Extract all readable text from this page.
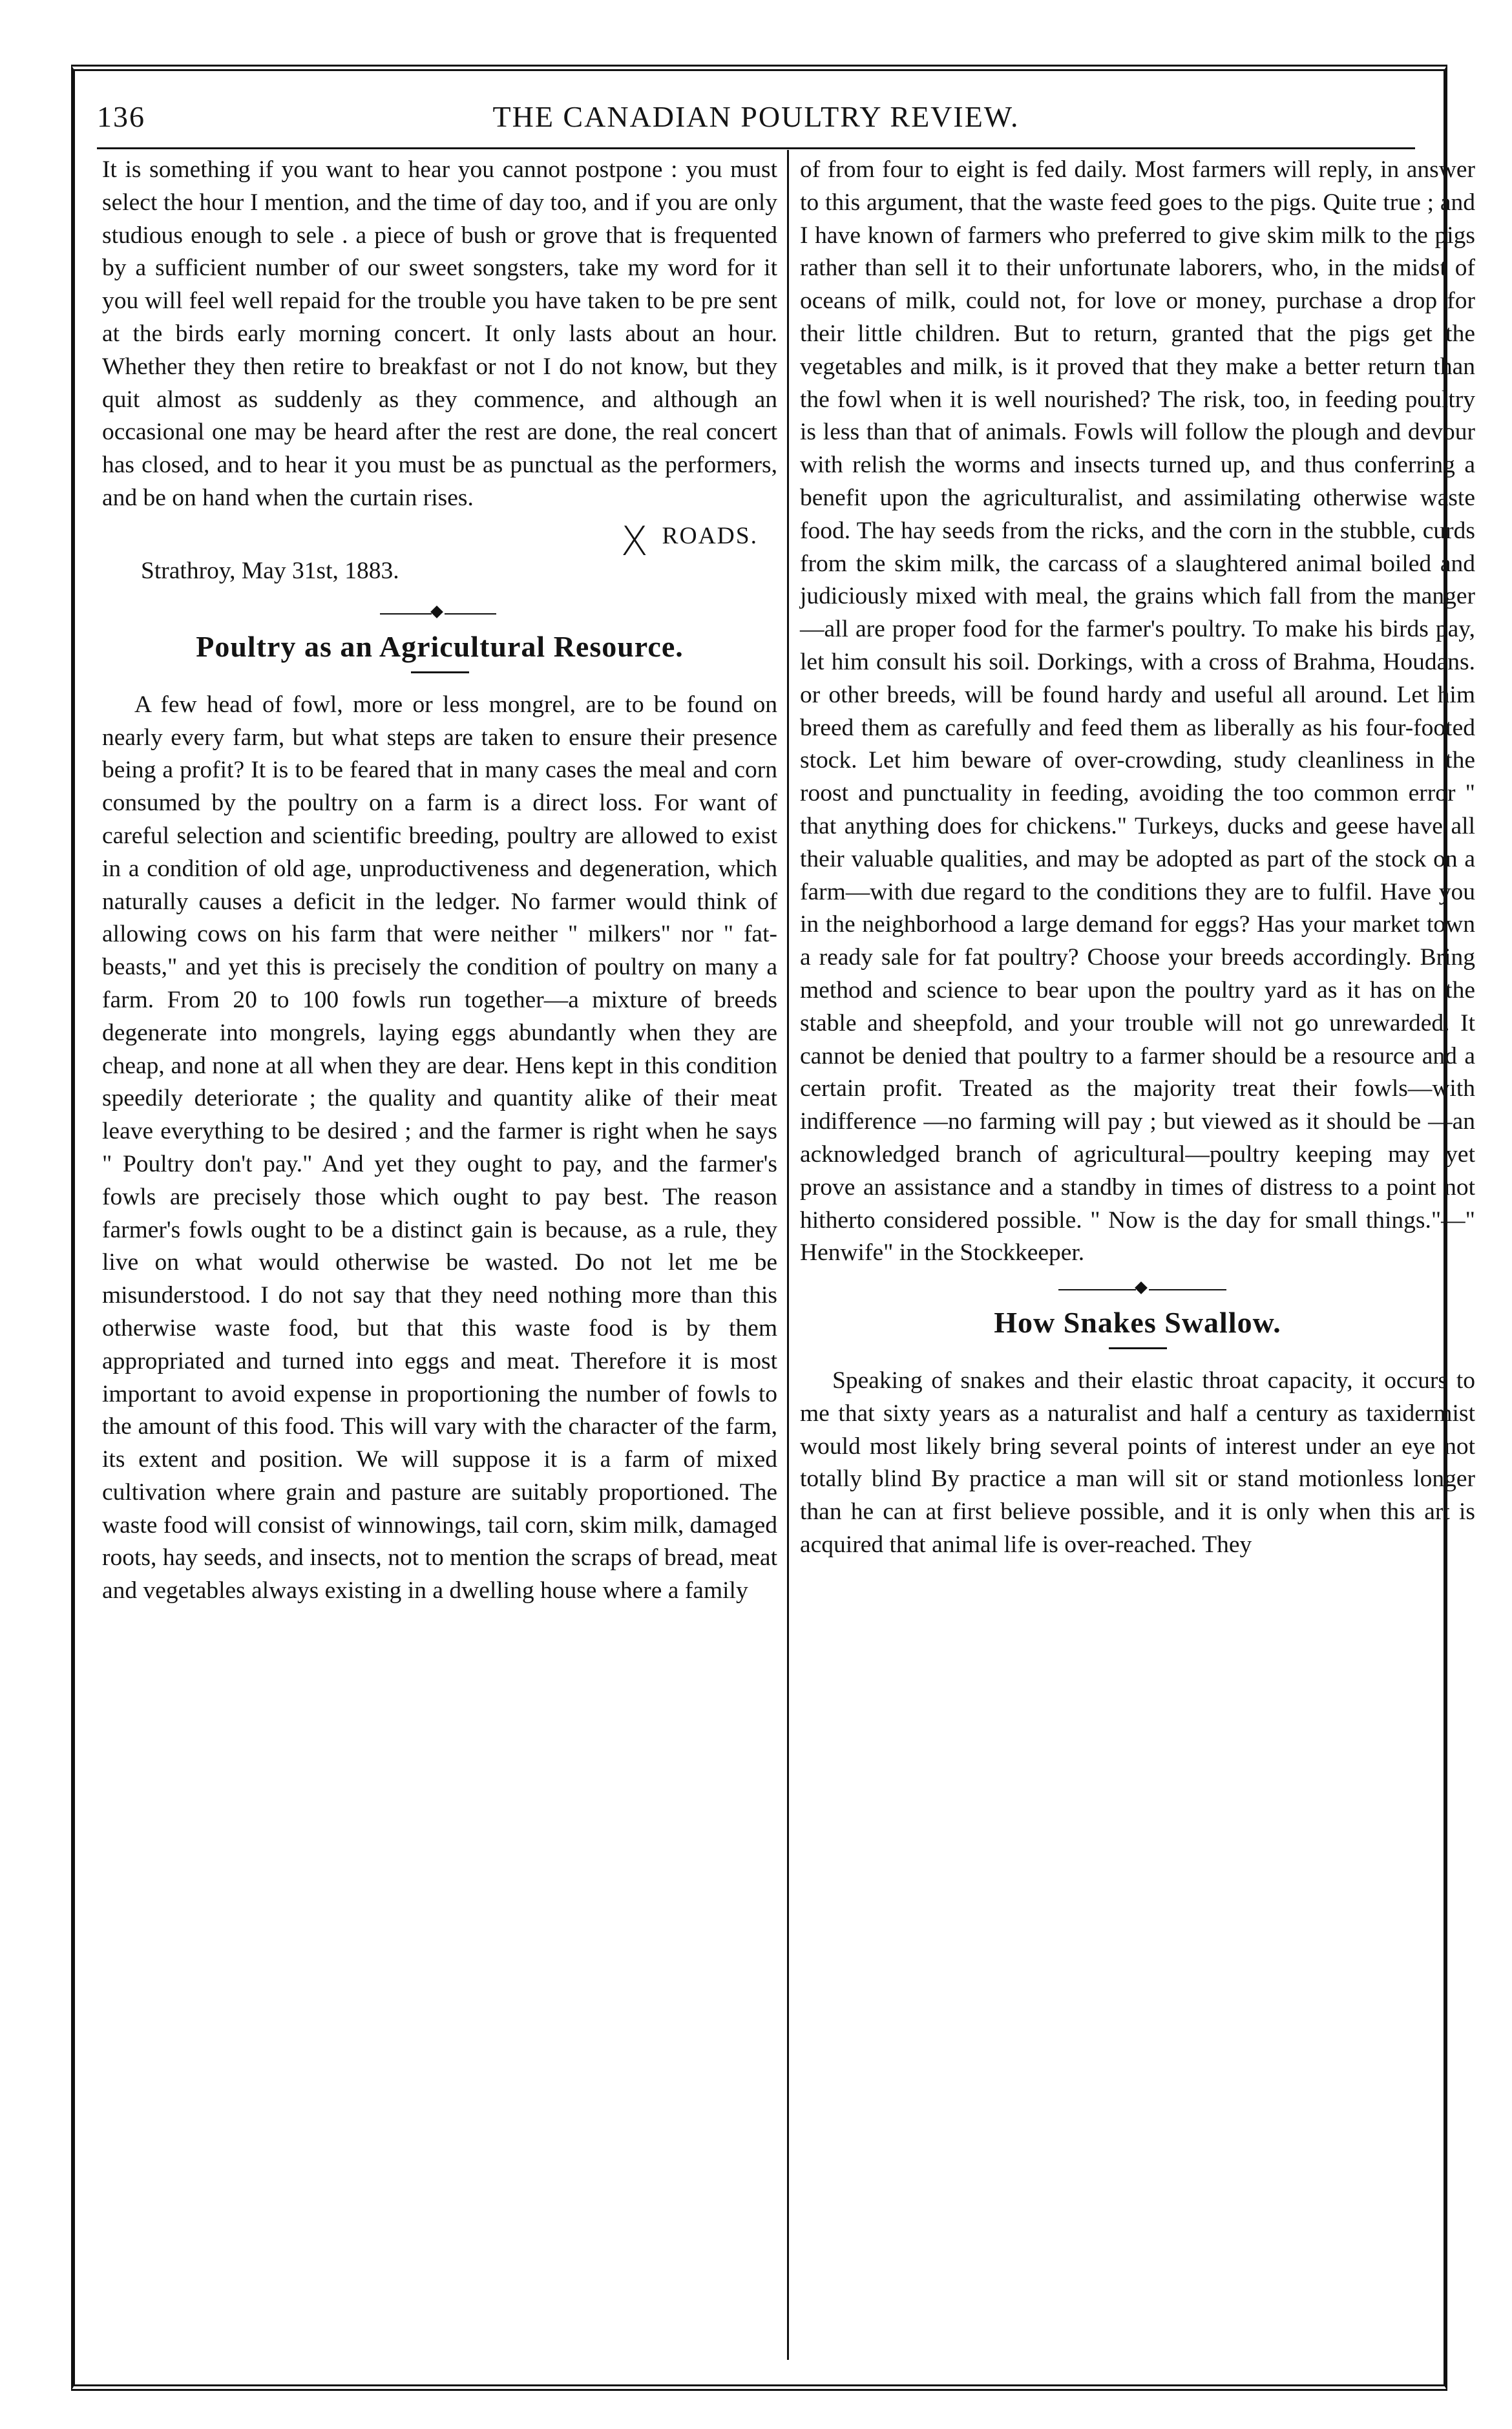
136	THE CANADIAN POULTRY REVIEW.

It is something if you want to hear you cannot postpone : you must select the hour I mention, and the time of day too, and if you are only studious enough to sele . a piece of bush or grove that is frequented by a sufficient number of our sweet songsters, take my word for it you will feel well repaid for the trouble you have taken to be pre sent at the birds early morning concert. It only lasts about an hour. Whether they then retire to breakfast or not I do not know, but they quit almost as suddenly as they commence, and although an occasional one may be heard after the rest are done, the real concert has closed, and to hear it you must be as punctual as the performers, and be on hand when the curtain rises.

X ROADS.
Strathroy, May 31st, 1883.
Poultry as an Agricultural Resource.

A few head of fowl, more or less mongrel, are to be found on nearly every farm, but what steps are taken to ensure their presence being a profit? It is to be feared that in many cases the meal and corn consumed by the poultry on a farm is a direct loss. For want of careful selection and scientific breeding, poultry are allowed to exist in a condition of old age, unproductiveness and degeneration, which naturally causes a deficit in the ledger. No farmer would think of allowing cows on his farm that were neither " milkers" nor " fat-beasts," and yet this is precisely the condition of poultry on many a farm. From 20 to 100 fowls run together—a mixture of breeds degenerate into mongrels, laying eggs abundantly when they are cheap, and none at all when they are dear. Hens kept in this condition speedily deteriorate ; the quality and quantity alike of their meat leave everything to be desired ; and the farmer is right when he says " Poultry don't pay." And yet they ought to pay, and the farmer's fowls are precisely those which ought to pay best. The reason farmer's fowls ought to be a distinct gain is because, as a rule, they live on what would otherwise be wasted. Do not let me be misunderstood. I do not say that they need nothing more than this otherwise waste food, but that this waste food is by them appropriated and turned into eggs and meat. Therefore it is most important to avoid expense in proportioning the number of fowls to the amount of this food. This will vary with the character of the farm, its extent and position. We will suppose it is a farm of mixed cultivation where grain and pasture are suitably proportioned. The waste food will consist of winnowings, tail corn, skim milk, damaged roots, hay seeds, and insects, not to mention the scraps of bread, meat and vegetables always existing in a dwelling house where a family

of from four to eight is fed daily. Most farmers will reply, in answer to this argument, that the waste feed goes to the pigs. Quite true ; and I have known of farmers who preferred to give skim milk to the pigs rather than sell it to their unfortunate laborers, who, in the midst of oceans of milk, could not, for love or money, purchase a drop for their little children. But to return, granted that the pigs get the vegetables and milk, is it proved that they make a better return than the fowl when it is well nourished? The risk, too, in feeding poultry is less than that of animals. Fowls will follow the plough and devour with relish the worms and insects turned up, and thus conferring a benefit upon the agriculturalist, and assimilating otherwise waste food. The hay seeds from the ricks, and the corn in the stubble, curds from the skim milk, the carcass of a slaughtered animal boiled and judiciously mixed with meal, the grains which fall from the manger—all are proper food for the farmer's poultry. To make his birds pay, let him consult his soil. Dorkings, with a cross of Brahma, Houdans. or other breeds, will be found hardy and useful all around. Let him breed them as carefully and feed them as liberally as his four-footed stock. Let him beware of over-crowding, study cleanliness in the roost and punctuality in feeding, avoiding the too common error " that anything does for chickens." Turkeys, ducks and geese have all their valuable qualities, and may be adopted as part of the stock on a farm—with due regard to the conditions they are to fulfil. Have you in the neighborhood a large demand for eggs? Has your market town a ready sale for fat poultry? Choose your breeds accordingly. Bring method and science to bear upon the poultry yard as it has on the stable and sheepfold, and your trouble will not go unrewarded. It cannot be denied that poultry to a farmer should be a resource and a certain profit. Treated as the majority treat their fowls—with indifference —no farming will pay ; but viewed as it should be —an acknowledged branch of agricultural—poultry keeping may yet prove an assistance and a standby in times of distress to a point not hitherto considered possible. " Now is the day for small things."—" Henwife" in the Stockkeeper.

How Snakes Swallow.

Speaking of snakes and their elastic throat capacity, it occurs to me that sixty years as a naturalist and half a century as taxidermist would most likely bring several points of interest under an eye not totally blind By practice a man will sit or stand motionless longer than he can at first believe possible, and it is only when this art is acquired that animal life is over-reached. They
